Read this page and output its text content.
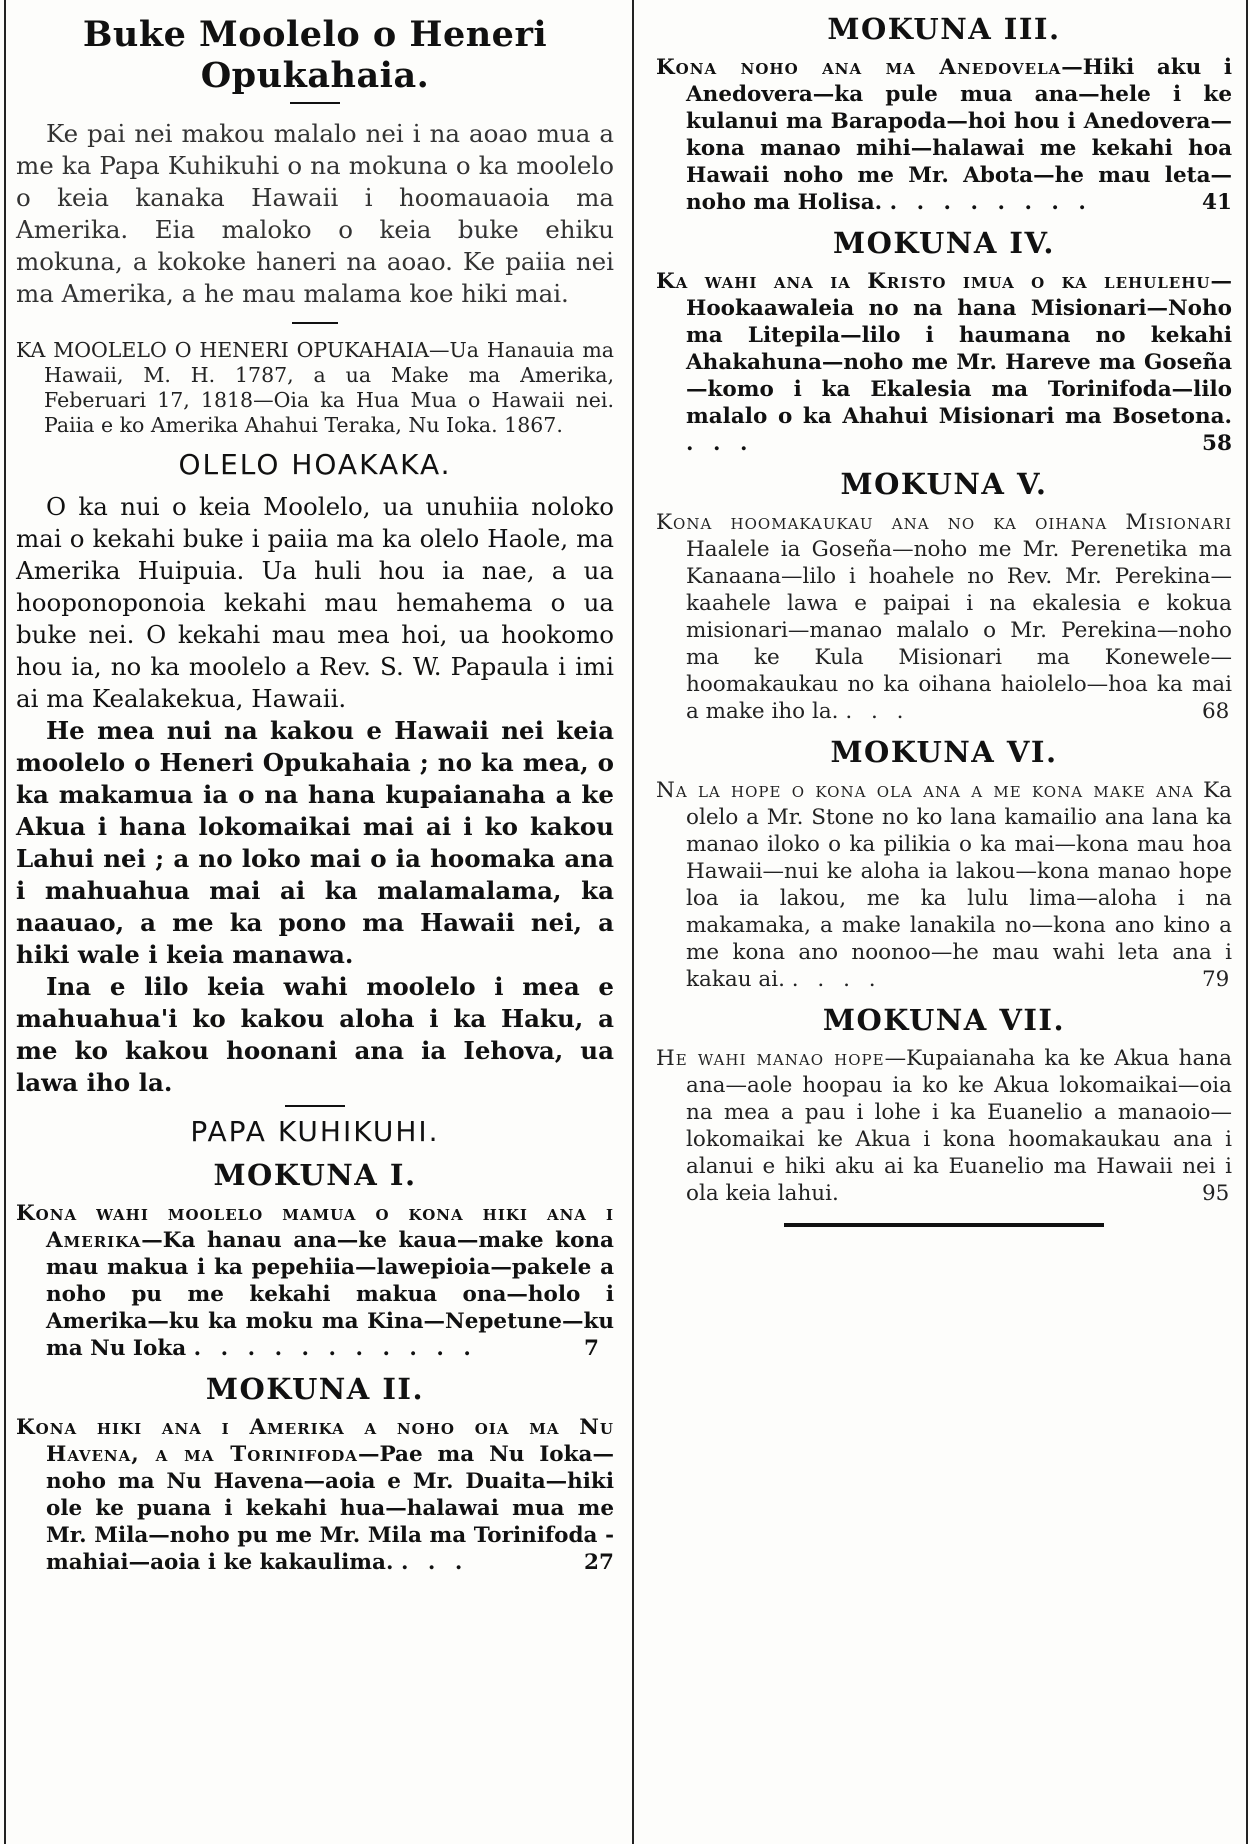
Buke Moolelo o Heneri Opukahaia.

Ke pai nei makou malalo nei i na aoao mua a me ka Papa Kuhikuhi o na mokuna o ka moolelo o keia kanaka Hawaii i hoomauaoia ma Amerika. Eia maloko o keia buke ehiku mokuna, a kokoke haneri na aoao. Ke paiia nei ma Amerika, a he mau malama koe hiki mai.

KA MOOLELO O HENERI OPUKAHAIA—Ua Hanauia ma Hawaii, M. H. 1787, a ua Make ma Amerika, Feberuari 17, 1818—Oia ka Hua Mua o Hawaii nei. Paiia e ko Amerika Ahahui Teraka, Nu Ioka. 1867.

OLELO HOAKAKA.

O ka nui o keia Moolelo, ua unuhiia noloko mai o kekahi buke i paiia ma ka olelo Haole, ma Amerika Huipuia. Ua huli hou ia nae, a ua hooponoponoia kekahi mau hemahema o ua buke nei. O kekahi mau mea hoi, ua hookomo hou ia, no ka moolelo a Rev. S. W. Papaula i imi ai ma Kealakekua, Hawaii.

He mea nui na kakou e Hawaii nei keia moolelo o Heneri Opukahaia ; no ka mea, o ka makamua ia o na hana kupaianaha a ke Akua i hana lokomaikai mai ai i ko kakou Lahui nei ; a no loko mai o ia hoomaka ana i mahuahua mai ai ka malamalama, ka naauao, a me ka pono ma Hawaii nei, a hiki wale i keia manawa.

Ina e lilo keia wahi moolelo i mea e mahuahua'i ko kakou aloha i ka Haku, a me ko kakou hoonani ana ia Iehova, ua lawa iho la.

PAPA KUHIKUHI.
MOKUNA I.

Kona wahi moolelo mamua o kona hiki ana i Amerika—Ka hanau ana—ke kaua—make kona mau makua i ka pepehiia—lawepioia—pakele a noho pu me kekahi makua ona—holo i Amerika—ku ka moku ma Kina—Nepetune—ku ma Nu Ioka . . . . . . . . . . .	7

MOKUNA II.

Kona hiki ana i Amerika a noho oia ma Nu Havena, a ma Torinifoda—Pae ma Nu Ioka—noho ma Nu Havena—aoia e Mr. Duaita—hiki ole ke puana i kekahi hua—halawai mua me Mr. Mila—noho pu me Mr. Mila ma Torinifoda - mahiai—aoia i ke kakaulima. . . .	27

MOKUNA III.

Kona noho ana ma Anedovela—Hiki aku i Anedovera—ka pule mua ana—hele i ke kulanui ma Barapoda—hoi hou i Anedovera—kona manao mihi—halawai me kekahi hoa Hawaii noho me Mr. Abota—he mau leta—noho ma Holisa. . . . . . . . .	41

MOKUNA IV.

Ka wahi ana ia Kristo imua o ka lehulehu—Hookaawaleia no na hana Misionari—Noho ma Litepila—lilo i haumana no kekahi Ahakahuna—noho me Mr. Hareve ma Goseña—komo i ka Ekalesia ma Torinifoda—lilo malalo o ka Ahahui Misionari ma Bosetona. . . .	58

MOKUNA V.

Kona hoomakaukau ana no ka oihana Misionari Haalele ia Goseña—noho me Mr. Perenetika ma Kanaana—lilo i hoahele no Rev. Mr. Perekina—kaahele lawa e paipai i na ekalesia e kokua misionari—manao malalo o Mr. Perekina—noho ma ke Kula Misionari ma Konewele—hoomakaukau no ka oihana haiolelo—hoa ka mai a make iho la. . . .	68

MOKUNA VI.

Na la hope o kona ola ana a me kona make ana Ka olelo a Mr. Stone no ko lana kamailio ana lana ka manao iloko o ka pilikia o ka mai—kona mau hoa Hawaii—nui ke aloha ia lakou—kona manao hope loa ia lakou, me ka lulu lima—aloha i na makamaka, a make lanakila no—kona ano kino a me kona ano noonoo—he mau wahi leta ana i kakau ai. . . . .	79

MOKUNA VII.

He wahi manao hope—Kupaianaha ka ke Akua hana ana—aole hoopau ia ko ke Akua lokomaikai—oia na mea a pau i lohe i ka Euanelio a manaoio—lokomaikai ke Akua i kona hoomakaukau ana i alanui e hiki aku ai ka Euanelio ma Hawaii nei i ola keia lahui.	95
